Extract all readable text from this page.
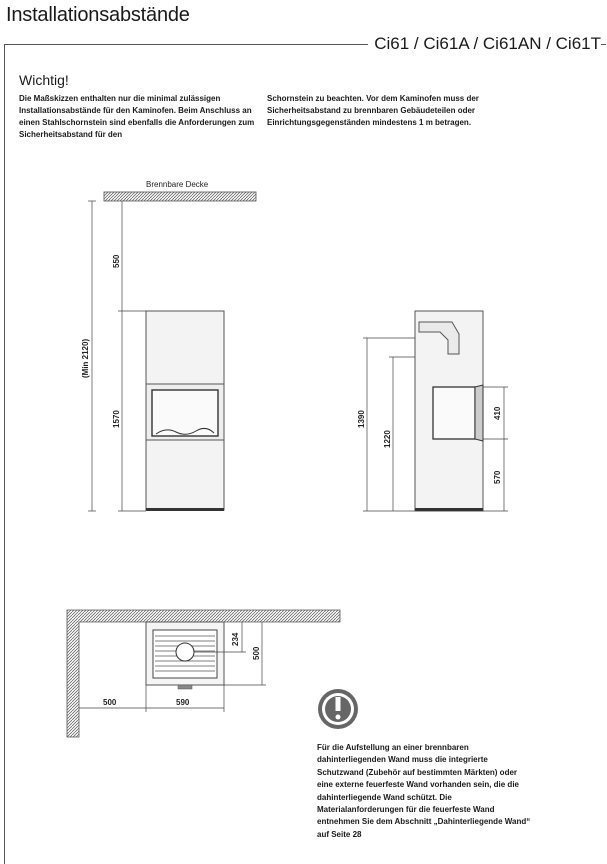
Installationsabstände
Ci61 / Ci61A / Ci61AN / Ci61T
Wichtig!
Die Maßskizzen enthalten nur die minimal zulässigen Installationsabstände für den Kaminofen. Beim Anschluss an einen Stahlschornstein sind ebenfalls die Anforderungen zum Sicherheitsabstand für den
Schornstein zu beachten. Vor dem Kaminofen muss der Sicherheitsabstand zu brennbaren Gebäudeteilen oder Einrichtungsgegenständen mindestens 1 m betragen.
Brennbare Decke
(Min 2120)
550
1570	1390
1220
410
570
234
500
500	590
Für die Aufstellung an einer brennbaren dahinterliegenden Wand muss die integrierte Schutzwand (Zubehör auf bestimmten Märkten) oder eine externe feuerfeste Wand vorhanden sein, die die dahinterliegende Wand schützt. Die Materialanforderungen für die feuerfeste Wand entnehmen Sie dem Abschnitt „Dahinterliegende Wand“ auf Seite 28
